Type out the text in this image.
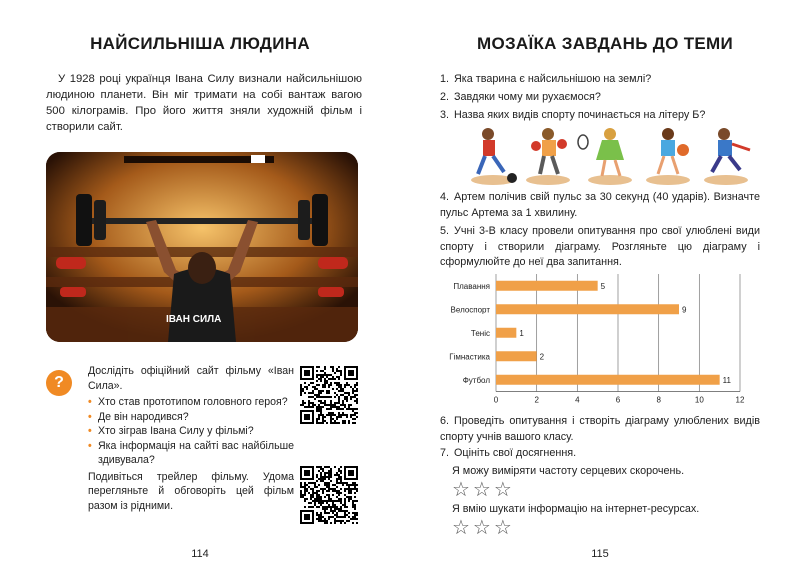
НАЙСИЛЬНІША ЛЮДИНА

У 1928 році українця Івана Силу визнали найсильнішою людиною планети. Він міг тримати на собі вантаж вагою 500 кілограмів. Про його життя зняли художній фільм і створили сайт.

ІВАН СИЛА
?

Дослідіть офіційний сайт фільму «Іван Сила».

• Хто став прототипом головного героя?
• Де він народився?
• Хто зіграв Івана Силу у фільмі?
• Яка інформація на сайті вас найбільше здивувала?

Подивіться трейлер фільму. Удома перегляньте й обговоріть цей фільм разом із рідними.

114
МОЗАЇКА ЗАВДАНЬ ДО ТЕМИ
1. Яка тварина є найсильнішою на землі?
2. Завдяки чому ми рухаємося?
3. Назва яких видів спорту починається на літеру Б?
4. Артем полічив свій пульс за 30 секунд (40 ударів). Визначте пульс Артема за 1 хвилину.
5. Учні 3-В класу провели опитування про свої улюблені види спорту і створили діаграму. Розгляньте цю діаграму і сформулюйте до неї два запитання.
6. Проведіть опитування і створіть діаграму улюблених видів спорту учнів вашого класу.
7. Оцініть свої досягнення.
Я можу виміряти частоту серцевих скорочень.
☆☆☆
Я вмію шукати інформацію на інтернет-ресурсах.
☆☆☆
115
0	2	4	6	8	10	12
Плавання	5
Велоспорт	9
Теніс	1
Гімнастика	2
Футбол	11
